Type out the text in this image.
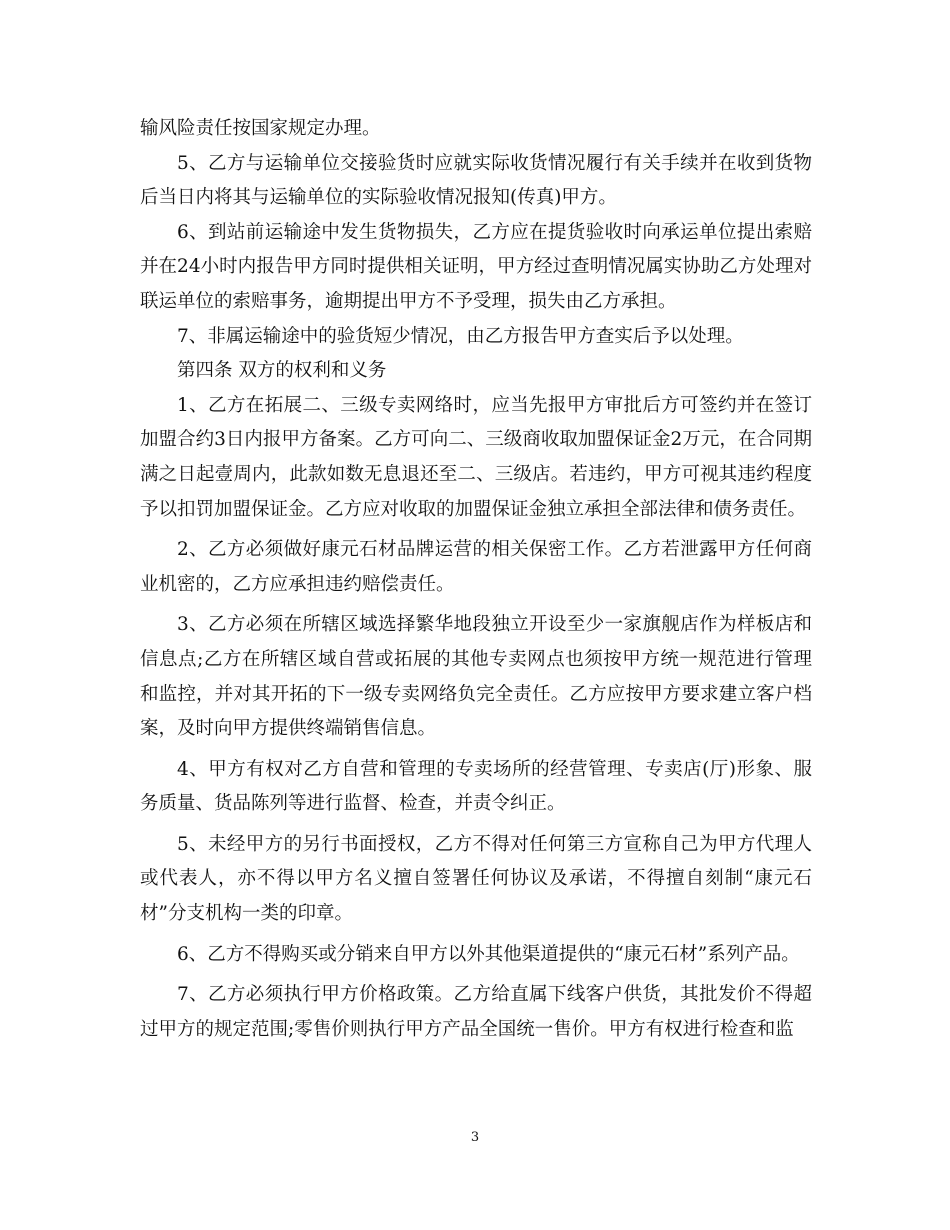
输风险责任按国家规定办理。

5、乙方与运输单位交接验货时应就实际收货情况履行有关手续并在收到货物后当日内将其与运输单位的实际验收情况报知(传真)甲方。

6、到站前运输途中发生货物损失，乙方应在提货验收时向承运单位提出索赔并在24小时内报告甲方同时提供相关证明，甲方经过查明情况属实协助乙方处理对联运单位的索赔事务，逾期提出甲方不予受理，损失由乙方承担。

7、非属运输途中的验货短少情况，由乙方报告甲方查实后予以处理。

第四条 双方的权利和义务

1、乙方在拓展二、三级专卖网络时，应当先报甲方审批后方可签约并在签订加盟合约3日内报甲方备案。乙方可向二、三级商收取加盟保证金2万元，在合同期满之日起壹周内，此款如数无息退还至二、三级店。若违约，甲方可视其违约程度予以扣罚加盟保证金。乙方应对收取的加盟保证金独立承担全部法律和债务责任。

2、乙方必须做好康元石材品牌运营的相关保密工作。乙方若泄露甲方任何商业机密的，乙方应承担违约赔偿责任。

3、乙方必须在所辖区域选择繁华地段独立开设至少一家旗舰店作为样板店和信息点;乙方在所辖区域自营或拓展的其他专卖网点也须按甲方统一规范进行管理和监控，并对其开拓的下一级专卖网络负完全责任。乙方应按甲方要求建立客户档案，及时向甲方提供终端销售信息。

4、甲方有权对乙方自营和管理的专卖场所的经营管理、专卖店(厅)形象、服务质量、货品陈列等进行监督、检查，并责令纠正。

5、未经甲方的另行书面授权，乙方不得对任何第三方宣称自己为甲方代理人或代表人，亦不得以甲方名义擅自签署任何协议及承诺，不得擅自刻制“康元石材”分支机构一类的印章。

6、乙方不得购买或分销来自甲方以外其他渠道提供的“康元石材”系列产品。

7、乙方必须执行甲方价格政策。乙方给直属下线客户供货，其批发价不得超过甲方的规定范围;零售价则执行甲方产品全国统一售价。甲方有权进行检查和监

3
